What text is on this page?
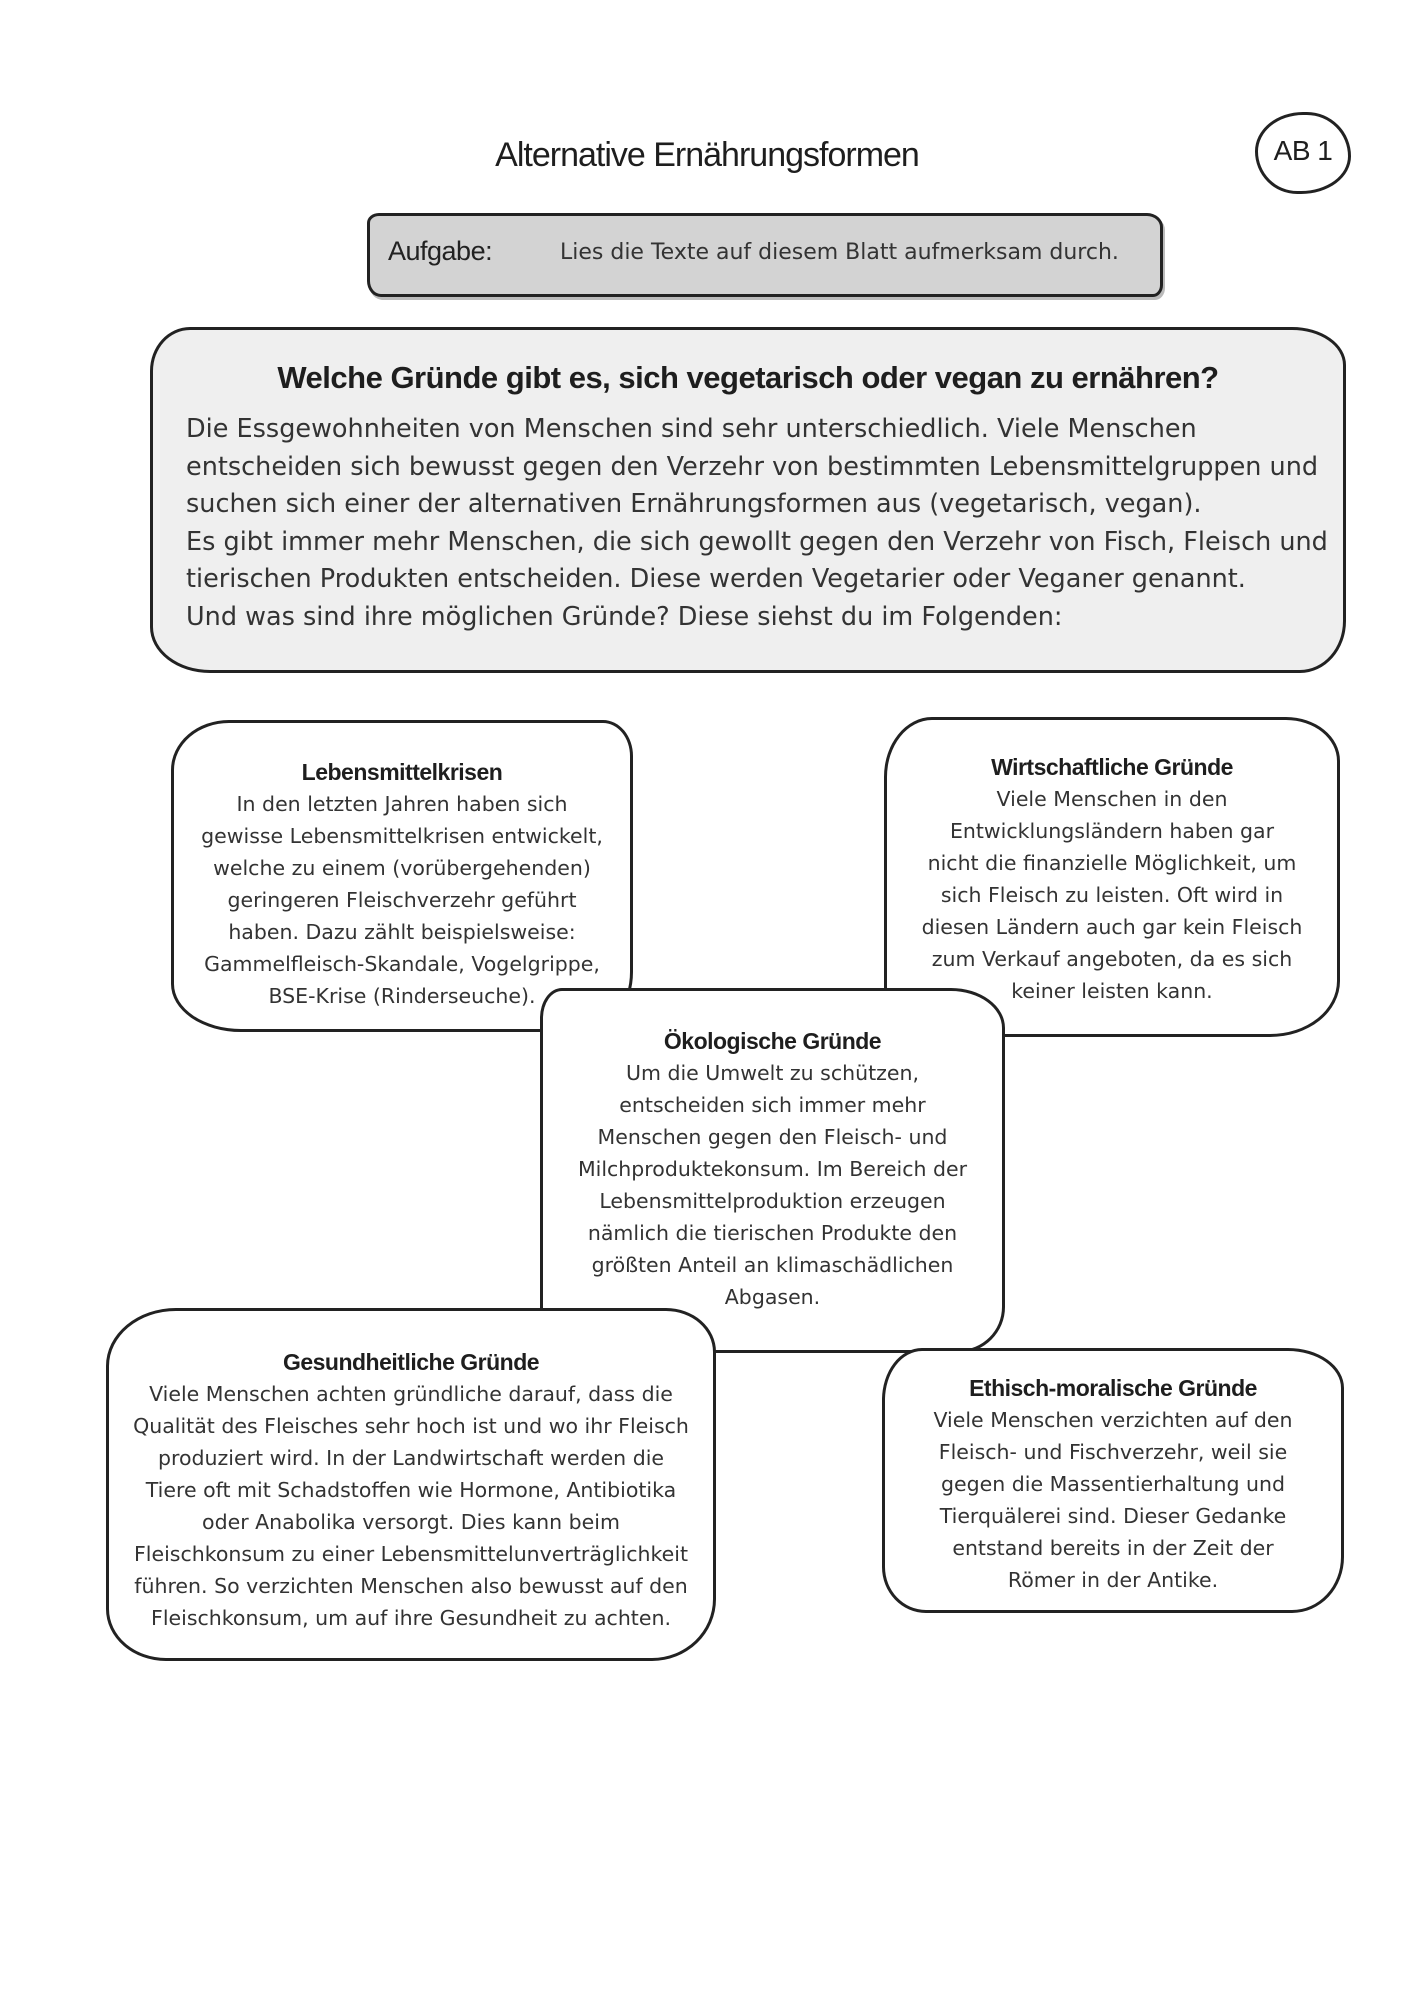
Alternative Ernährungsformen	AB 1
Aufgabe:	Lies die Texte auf diesem Blatt aufmerksam durch.
Welche Gründe gibt es, sich vegetarisch oder vegan zu ernähren?

Die Essgewohnheiten von Menschen sind sehr unterschiedlich. Viele Menschen

entscheiden sich bewusst gegen den Verzehr von bestimmten Lebensmittelgruppen und

suchen sich einer der alternativen Ernährungsformen aus (vegetarisch, vegan).

Es gibt immer mehr Menschen, die sich gewollt gegen den Verzehr von Fisch, Fleisch und

tierischen Produkten entscheiden. Diese werden Vegetarier oder Veganer genannt.

Und was sind ihre möglichen Gründe? Diese siehst du im Folgenden:

Lebensmittelkrisen
In den letzten Jahren haben sich
gewisse Lebensmittelkrisen entwickelt,
welche zu einem (vorübergehenden)
geringeren Fleischverzehr geführt
haben. Dazu zählt beispielsweise:
Gammelfleisch-Skandale, Vogelgrippe,
BSE-Krise (Rinderseuche).
Wirtschaftliche Gründe
Viele Menschen in den
Entwicklungsländern haben gar
nicht die finanzielle Möglichkeit, um
sich Fleisch zu leisten. Oft wird in
diesen Ländern auch gar kein Fleisch
zum Verkauf angeboten, da es sich
keiner leisten kann.
Ökologische Gründe
Um die Umwelt zu schützen,
entscheiden sich immer mehr
Menschen gegen den Fleisch- und
Milchproduktekonsum. Im Bereich der
Lebensmittelproduktion erzeugen
nämlich die tierischen Produkte den
größten Anteil an klimaschädlichen
Abgasen.
Gesundheitliche Gründe
Viele Menschen achten gründliche darauf, dass die
Qualität des Fleisches sehr hoch ist und wo ihr Fleisch
produziert wird. In der Landwirtschaft werden die
Tiere oft mit Schadstoffen wie Hormone, Antibiotika
oder Anabolika versorgt. Dies kann beim
Fleischkonsum zu einer Lebensmittelunverträglichkeit
führen. So verzichten Menschen also bewusst auf den
Fleischkonsum, um auf ihre Gesundheit zu achten.
Ethisch-moralische Gründe
Viele Menschen verzichten auf den
Fleisch- und Fischverzehr, weil sie
gegen die Massentierhaltung und
Tierquälerei sind. Dieser Gedanke
entstand bereits in der Zeit der
Römer in der Antike.
